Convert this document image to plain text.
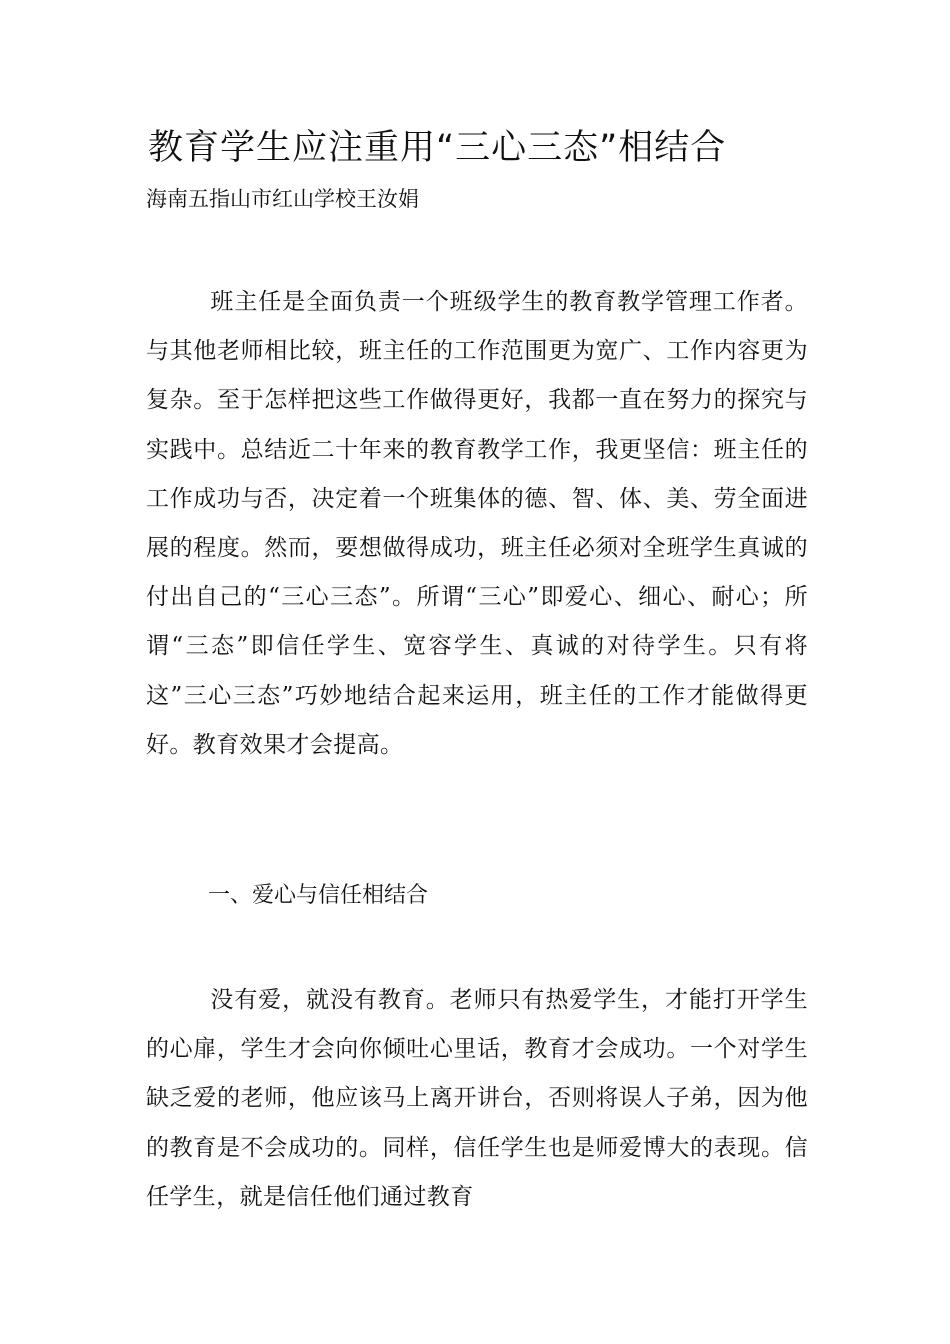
教育学生应注重用“三心三态”相结合

海南五指山市红山学校王汝娟

班主任是全面负责一个班级学生的教育教学管理工作者。与其他老师相比较，班主任的工作范围更为宽广、工作内容更为复杂。至于怎样把这些工作做得更好，我都一直在努力的探究与实践中。总结近二十年来的教育教学工作，我更坚信：班主任的工作成功与否，决定着一个班集体的德、智、体、美、劳全面进展的程度。然而，要想做得成功，班主任必须对全班学生真诚的付出自己的“三心三态”。所谓“三心”即爱心、细心、耐心；所谓“三态”即信任学生、宽容学生、真诚的对待学生。只有将这”三心三态”巧妙地结合起来运用，班主任的工作才能做得更好。教育效果才会提高。

一、爱心与信任相结合

没有爱，就没有教育。老师只有热爱学生，才能打开学生的心扉，学生才会向你倾吐心里话，教育才会成功。一个对学生缺乏爱的老师，他应该马上离开讲台，否则将误人子弟，因为他的教育是不会成功的。同样，信任学生也是师爱博大的表现。信任学生，就是信任他们通过教育
